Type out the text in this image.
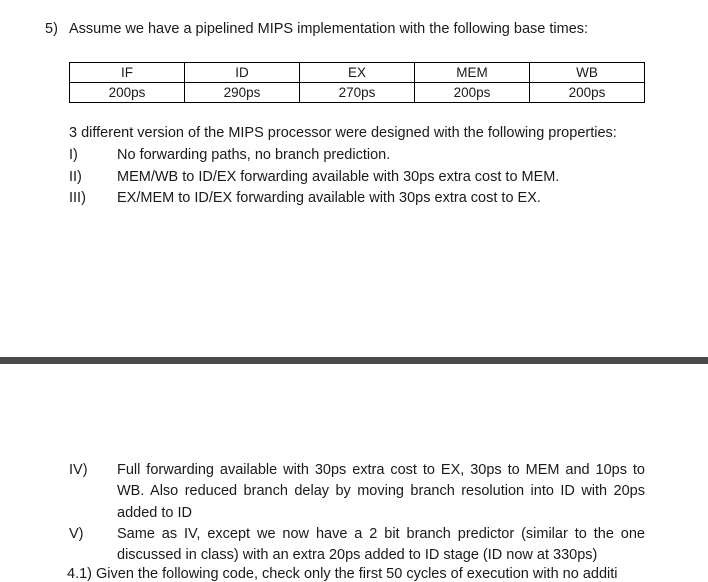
5) Assume we have a pipelined MIPS implementation with the following base times:
IF	ID	EX	MEM	WB
200ps	290ps	270ps	200ps	200ps
3 different version of the MIPS processor were designed with the following properties:
I)	No forwarding paths, no branch prediction.
II) MEM/WB to ID/EX forwarding available with 30ps extra cost to MEM.
III) EX/MEM to ID/EX forwarding available with 30ps extra cost to EX.
IV) Full forwarding available with 30ps extra cost to EX, 30ps to MEM and 10ps to WB. Also reduced branch delay by moving branch resolution into ID with 20ps added to ID
V) Same as IV, except we now have a 2 bit branch predictor (similar to the one discussed in class) with an extra 20ps added to ID stage (ID now at 330ps)
4.1) Given the following code, check only the first 50 cycles of execution with no additi
